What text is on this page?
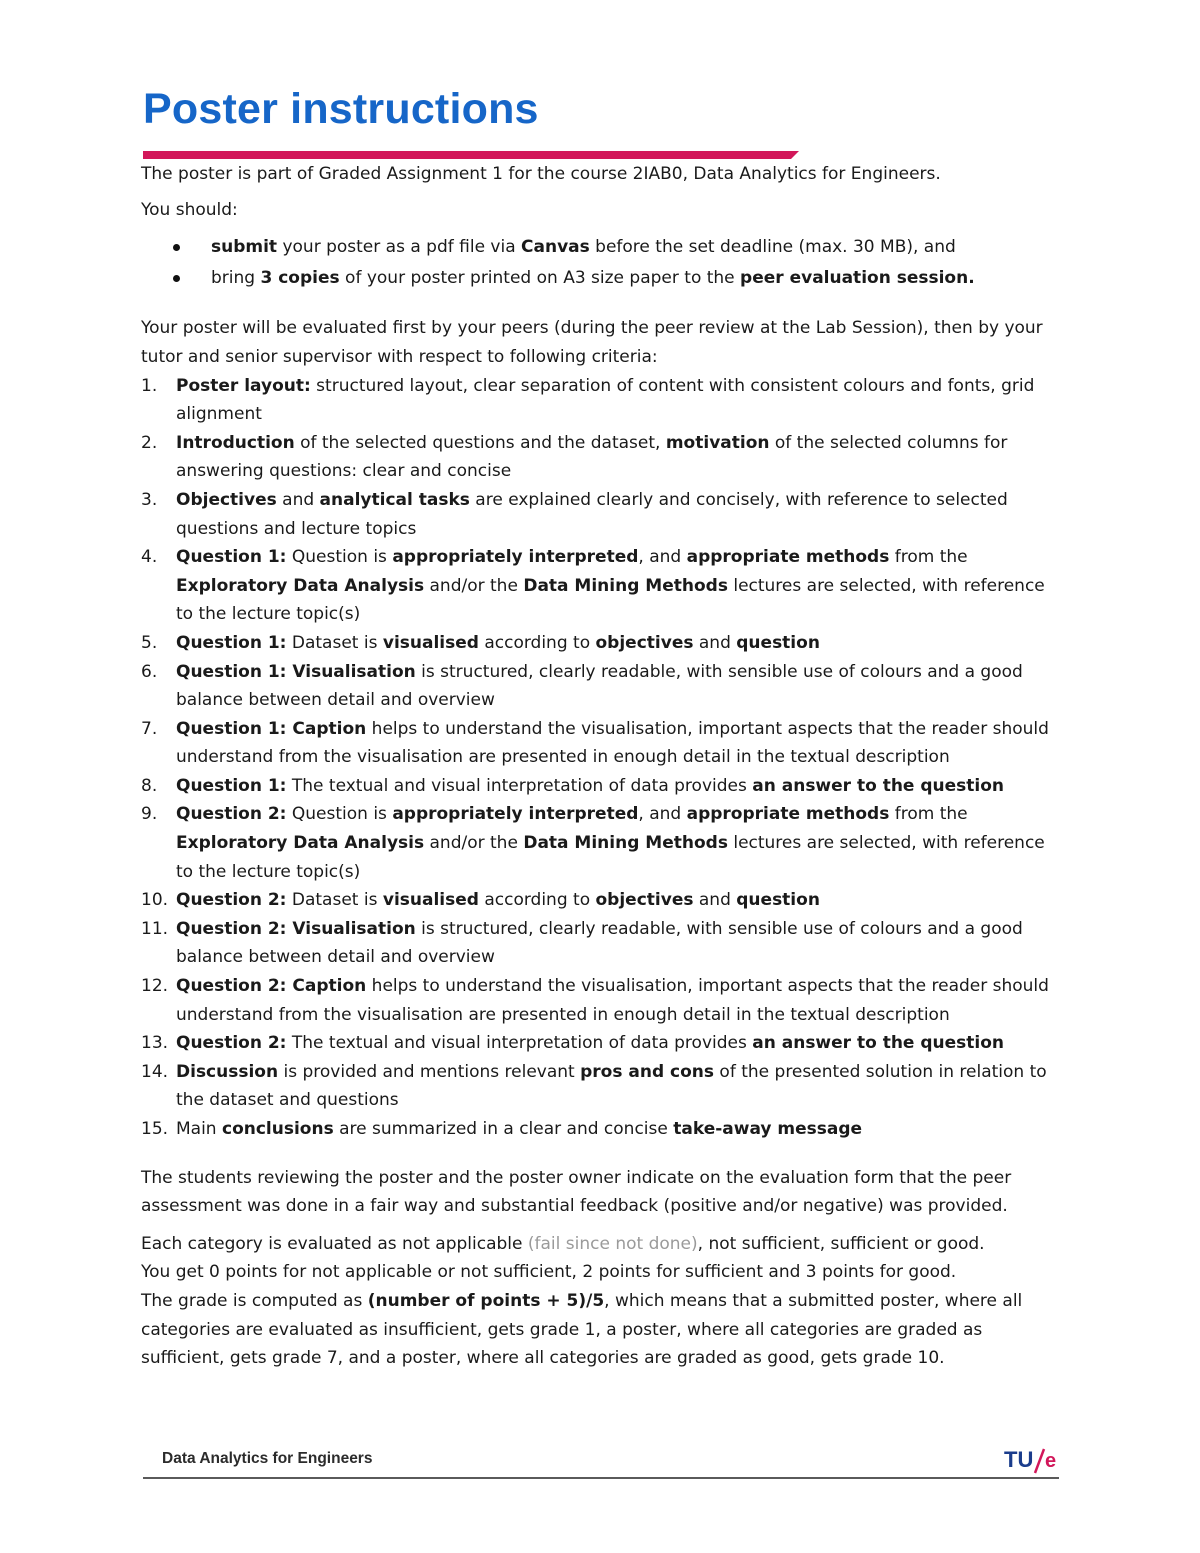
Poster instructions

The poster is part of Graded Assignment 1 for the course 2IAB0, Data Analytics for Engineers.

You should:

submit your poster as a pdf file via Canvas before the set deadline (max. 30 MB), and
bring 3 copies of your poster printed on A3 size paper to the peer evaluation session.

Your poster will be evaluated first by your peers (during the peer review at the Lab Session), then by your tutor and senior supervisor with respect to following criteria:

1.	Poster layout: structured layout, clear separation of content with consistent colours and fonts, grid alignment
2.	Introduction of the selected questions and the dataset, motivation of the selected columns for answering questions: clear and concise
3.	Objectives and analytical tasks are explained clearly and concisely, with reference to selected questions and lecture topics
4.	Question 1: Question is appropriately interpreted, and appropriate methods from the Exploratory Data Analysis and/or the Data Mining Methods lectures are selected, with reference to the lecture topic(s)
5.	Question 1: Dataset is visualised according to objectives and question
6.	Question 1: Visualisation is structured, clearly readable, with sensible use of colours and a good balance between detail and overview
7.	Question 1: Caption helps to understand the visualisation, important aspects that the reader should understand from the visualisation are presented in enough detail in the textual description
8.	Question 1: The textual and visual interpretation of data provides an answer to the question
9.	Question 2: Question is appropriately interpreted, and appropriate methods from the Exploratory Data Analysis and/or the Data Mining Methods lectures are selected, with reference to the lecture topic(s)
10. Question 2: Dataset is visualised according to objectives and question
11. Question 2: Visualisation is structured, clearly readable, with sensible use of colours and a good balance between detail and overview
12. Question 2: Caption helps to understand the visualisation, important aspects that the reader should understand from the visualisation are presented in enough detail in the textual description
13. Question 2: The textual and visual interpretation of data provides an answer to the question
14. Discussion is provided and mentions relevant pros and cons of the presented solution in relation to the dataset and questions
15. Main conclusions are summarized in a clear and concise take-away message

The students reviewing the poster and the poster owner indicate on the evaluation form that the peer assessment was done in a fair way and substantial feedback (positive and/or negative) was provided.

Each category is evaluated as not applicable (fail since not done), not sufficient, sufficient or good.

You get 0 points for not applicable or not sufficient, 2 points for sufficient and 3 points for good.

The grade is computed as (number of points + 5)/5, which means that a submitted poster, where all categories are evaluated as insufficient, gets grade 1, a poster, where all categories are graded as sufficient, gets grade 7, and a poster, where all categories are graded as good, gets grade 10.

Data Analytics for Engineers	TU e
